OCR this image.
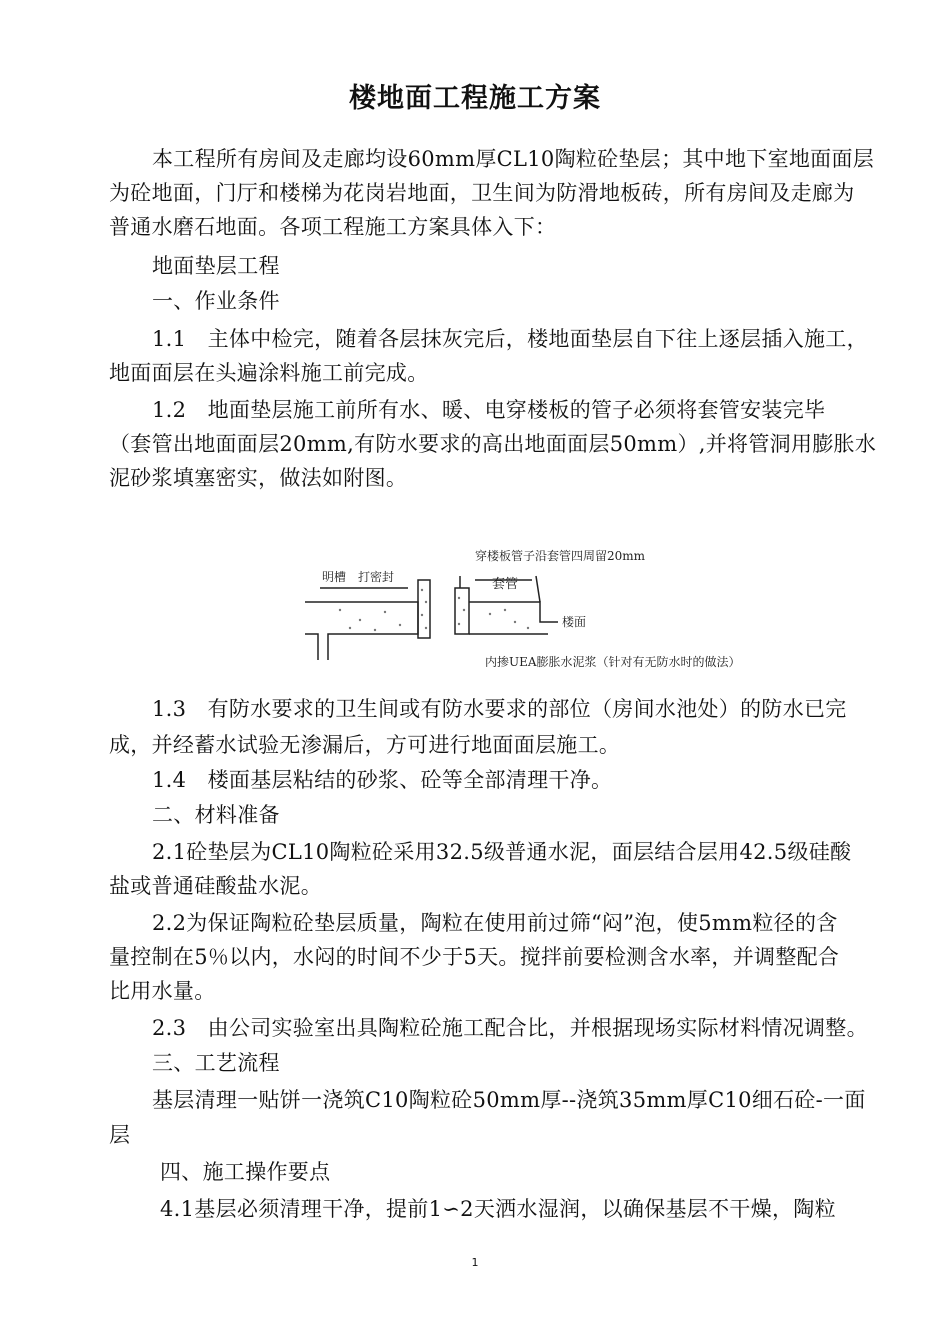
楼地面工程施工方案
本工程所有房间及走廊均设60mm厚CL10陶粒砼垫层；其中地下室地面面层
为砼地面，门厅和楼梯为花岗岩地面，卫生间为防滑地板砖，所有房间及走廊为
普通水磨石地面。各项工程施工方案具体入下：
地面垫层工程
一、作业条件
1.1　主体中检完，随着各层抹灰完后，楼地面垫层自下往上逐层插入施工，
地面面层在头遍涂料施工前完成。
1.2　地面垫层施工前所有水、暖、电穿楼板的管子必须将套管安装完毕
（套管出地面面层20mm,有防水要求的高出地面面层50mm）,并将管洞用膨胀水
泥砂浆填塞密实，做法如附图。
穿楼板管子沿套管四周留20mm
明槽　打密封	套管
楼面
内掺UEA膨胀水泥浆（针对有无防水时的做法）
1.3　有防水要求的卫生间或有防水要求的部位（房间水池处）的防水已完
成，并经蓄水试验无渗漏后，方可进行地面面层施工。
1.4　楼面基层粘结的砂浆、砼等全部清理干净。
二、材料准备
2.1砼垫层为CL10陶粒砼采用32.5级普通水泥，面层结合层用42.5级硅酸
盐或普通硅酸盐水泥。
2.2为保证陶粒砼垫层质量，陶粒在使用前过筛“闷”泡，使5mm粒径的含
量控制在5％以内，水闷的时间不少于5天。搅拌前要检测含水率，并调整配合
比用水量。
2.3　由公司实验室出具陶粒砼施工配合比，并根据现场实际材料情况调整。
三、工艺流程
基层清理一贴饼一浇筑C10陶粒砼50mm厚--浇筑35mm厚C10细石砼-一面
层
四、施工操作要点
4.1基层必须清理干净，提前1∽2天洒水湿润，以确保基层不干燥，陶粒
1
